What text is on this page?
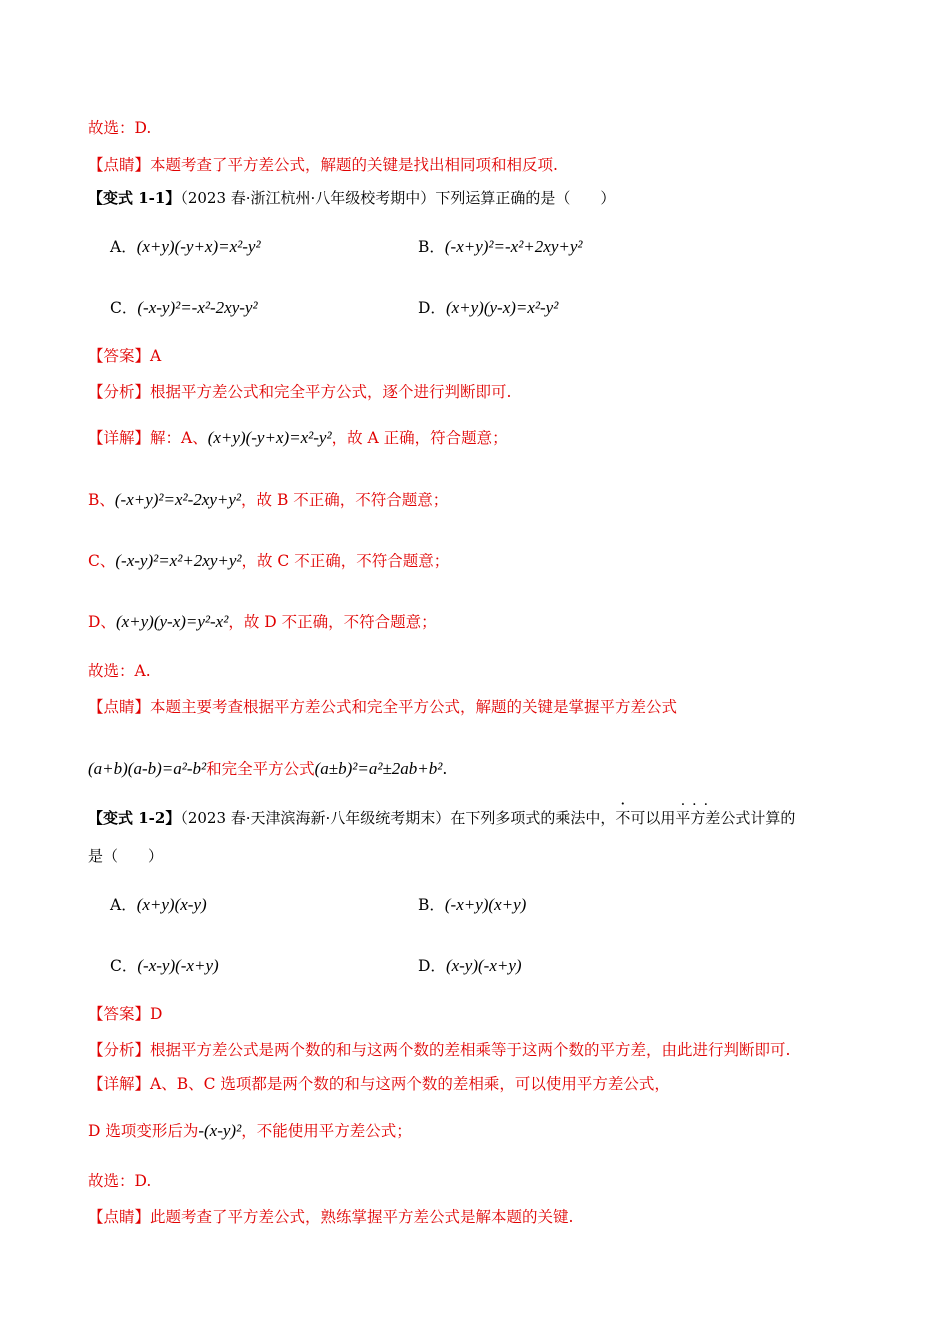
故选：D.
【点睛】本题考查了平方差公式，解题的关键是找出相同项和相反项.
【变式 1-1】（2023 春·浙江杭州·八年级校考期中）下列运算正确的是（　　）
A．(x+y)(-y+x)=x²-y²	B．(-x+y)²=-x²+2xy+y²
C．(-x-y)²=-x²-2xy-y²	D．(x+y)(y-x)=x²-y²
【答案】A
【分析】根据平方差公式和完全平方公式，逐个进行判断即可.
【详解】解：A、(x+y)(-y+x)=x²-y²，故 A 正确，符合题意；
B、(-x+y)²=x²-2xy+y²，故 B 不正确，不符合题意；
C、(-x-y)²=x²+2xy+y²，故 C 不正确，不符合题意；
D、(x+y)(y-x)=y²-x²，故 D 不正确，不符合题意；
故选：A.
【点睛】本题主要考查根据平方差公式和完全平方公式，解题的关键是掌握平方差公式
(a+b)(a-b)=a²-b²和完全平方公式(a±b)²=a²±2ab+b².
【变式 1-2】（2023 春·天津滨海新·八年级统考期末）在下列多项式的乘法中，不可以用平方差
···
公式计算的
是（　　）
A．(x+y)(x-y)	B．(-x+y)(x+y)
C．(-x-y)(-x+y)	D．(x-y)(-x+y)
【答案】D
【分析】根据平方差公式是两个数的和与这两个数的差相乘等于这两个数的平方差，由此进行判断即可.
【详解】A、B、C 选项都是两个数的和与这两个数的差相乘，可以使用平方差公式，
D 选项变形后为-(x-y)²，不能使用平方差公式；
故选：D.
【点睛】此题考查了平方差公式，熟练掌握平方差公式是解本题的关键.
